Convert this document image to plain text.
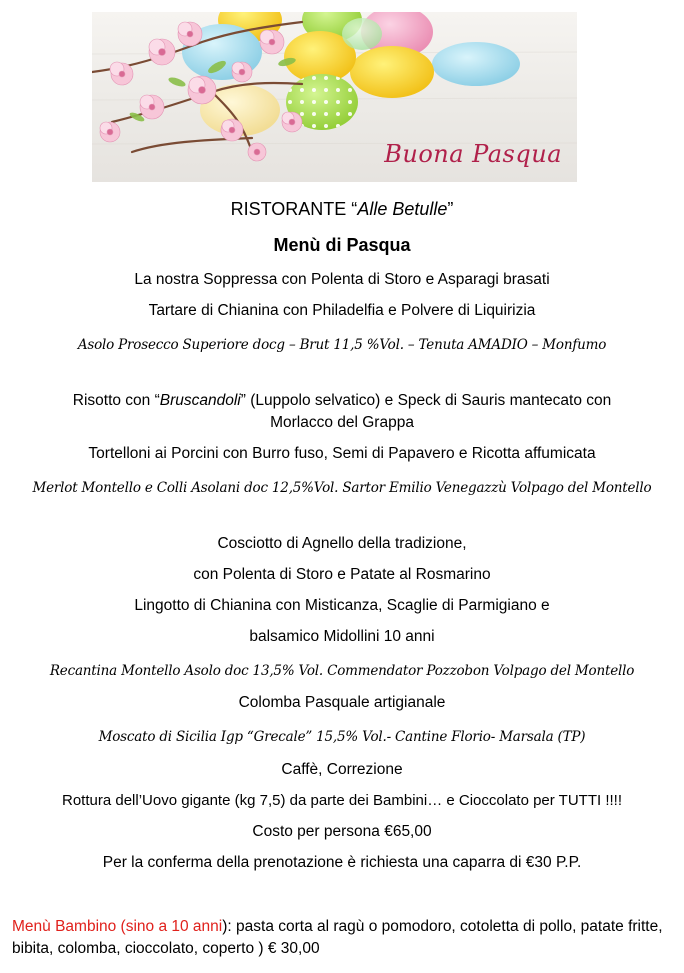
Buona Pasqua
RISTORANTE “Alle Betulle”
Menù di Pasqua
La nostra Soppressa con Polenta di Storo e Asparagi brasati
Tartare di Chianina con Philadelfia e Polvere di Liquirizia
Asolo Prosecco Superiore docg – Brut 11,5 %Vol. – Tenuta AMADIO – Monfumo
Risotto con “Bruscandoli” (Luppolo selvatico) e Speck di Sauris mantecato con
Morlacco del Grappa
Tortelloni ai Porcini con Burro fuso, Semi di Papavero e Ricotta affumicata
Merlot Montello e Colli Asolani doc 12,5%Vol. Sartor Emilio Venegazzù Volpago del Montello
Cosciotto di Agnello della tradizione,
con Polenta di Storo e Patate al Rosmarino
Lingotto di Chianina con Misticanza, Scaglie di Parmigiano e
balsamico Midollini 10 anni
Recantina Montello Asolo doc 13,5% Vol. Commendator Pozzobon Volpago del Montello
Colomba Pasquale artigianale
Moscato di Sicilia Igp “Grecale” 15,5% Vol.- Cantine Florio- Marsala (TP)
Caffè, Correzione
Rottura dell’Uovo gigante (kg 7,5) da parte dei Bambini… e Cioccolato per TUTTI !!!!
Costo per persona €65,00
Per la conferma della prenotazione è richiesta una caparra di €30 P.P.
Menù Bambino (sino a 10 anni): pasta corta al ragù o pomodoro, cotoletta di pollo, patate fritte, bibita, colomba, cioccolato, coperto ) € 30,00
